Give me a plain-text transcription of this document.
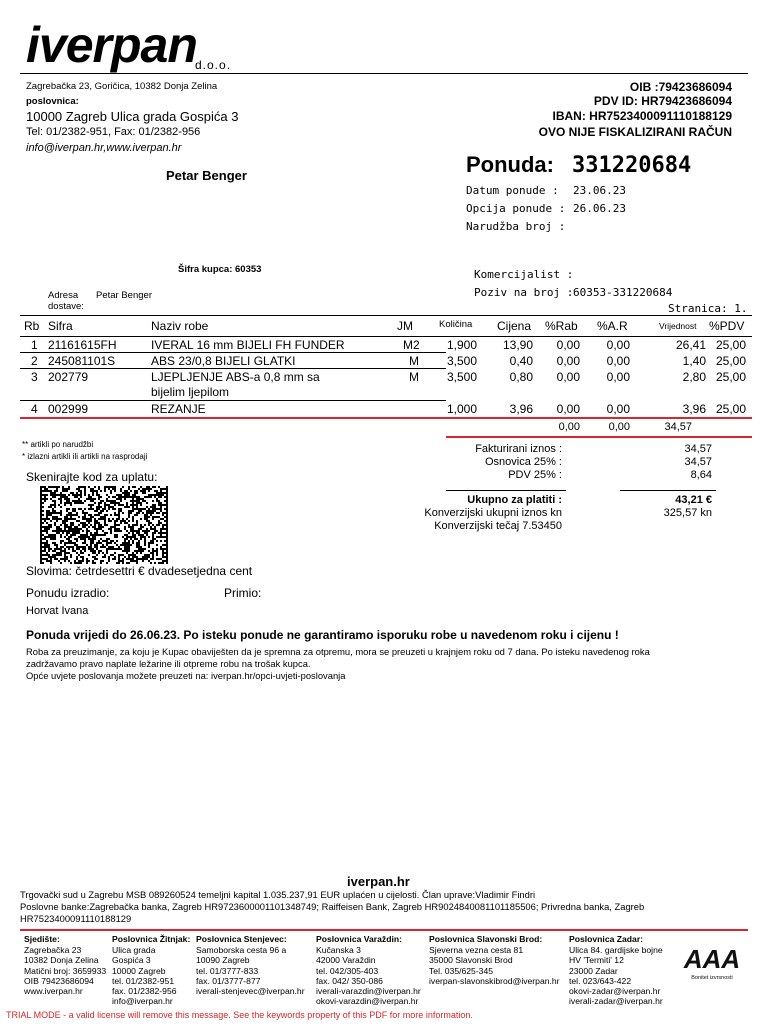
iverpan
d.o.o.
Zagrebačka 23, Goričica, 10382 Donja Zelina
poslovnica:
10000 Zagreb Ulica grada Gospića 3
Tel: 01/2382-951, Fax: 01/2382-956
info@iverpan.hr,www.iverpan.hr
OIB :79423686094
PDV ID: HR79423686094
IBAN: HR7523400091110188129
OVO NIJE FISKALIZIRANI RAČUN
Petar Benger
Šifra kupca: 60353
Adresa
dostave:
Petar Benger
Ponuda: 331220684
Datum ponude : 23.06.23
Opcija ponude : 26.06.23
Narudžba broj :
Komercijalist :
Poziv na broj : 60353-331220684
Stranica: 1.
Rb Sifra	Naziv robe	JM	Količina Cijena %Rab %A.R	Vrijednost %PDV
1 21161615FH	IVERAL 16 mm BIJELI FH FUNDER	M2 1,900 13,90 0,00 0,00	26,41 25,00
2 245081101S	ABS 23/0,8 BIJELI GLATKI	M 3,500	0,40 0,00 0,00	1,40 25,00
3 202779	LJEPLJENJE ABS-a 0,8 mm sa
bijelim ljepilom
M 3,500	0,80 0,00 0,00	2,80 25,00
4 002999	REZANJE	1,000	3,96 0,00 0,00	3,96 25,00
0,00	0,00	34,57
** artikli po narudžbi
* izlazni artikli ili artikli na rasprodaji
Fakturirani iznos :	34,57
Osnovica 25% :	34,57
PDV 25% :	8,64
Ukupno za platiti :	43,21 €
Konverzijski ukupni iznos kn	325,57 kn
Konverzijski tečaj 7.53450
Skenirajte kod za uplatu:
Slovima: četrdesettri € dvadesetjedna cent
Ponudu izradio:	Primio:
Horvat Ivana
Ponuda vrijedi do 26.06.23. Po isteku ponude ne garantiramo isporuku robe u navedenom roku i cijenu !
Roba za preuzimanje, za koju je Kupac obaviješten da je spremna za otpremu, mora se preuzeti u krajnjem roku od 7 dana. Po isteku navedenog roka
zadržavamo pravo naplate ležarine ili otpreme robu na trošak kupca.
Opće uvjete poslovanja možete preuzeti na: iverpan.hr/opci-uvjeti-poslovanja
iverpan.hr
Trgovački sud u Zagrebu MSB 089260524 temeljni kapital 1.035.237,91 EUR uplaćen u cijelosti. Član uprave:Vladimir Findri
Poslovne banke:Zagrebačka banka, Zagreb HR9723600001101348749; Raiffeisen Bank, Zagreb HR9024840081101185506; Privredna banka, Zagreb
HR7523400091110188129
Sjedište:
Zagrebačka 23
10382 Donja Zelina
Matični broj: 3659933
OIB 79423686094
www.iverpan.hr
Poslovnica Žitnjak:
Ulica grada
Gospića 3
10000 Zagreb
tel. 01/2382-951
fax. 01/2382-956
info@iverpan.hr
Poslovnica Stenjevec:
Samoborska cesta 96 a
10090 Zagreb
tel. 01/3777-833
fax. 01/3777-877
iverali-stenjevec@iverpan.hr
Poslovnica Varaždin:
Kučanska 3
42000 Varaždin
tel. 042/305-403
fax. 042/ 350-086
iverali-varazdin@iverpan.hr
okovi-varazdin@iverpan.hr
Poslovnica Slavonski Brod:
Sjeverna vezna cesta 81
35000 Slavonski Brod
Tel. 035/625-345
iverpan-slavonskibrod@iverpan.hr
Poslovnica Zadar:
Ulica 84. gardijske bojne
HV 'Termiti' 12
23000 Zadar
tel. 023/643-422
okovi-zadar@iverpan.hr
iverali-zadar@iverpan.hr
AAA
Bonitet izvrsnosti
TRIAL MODE - a valid license will remove this message. See the keywords property of this PDF for more information.
